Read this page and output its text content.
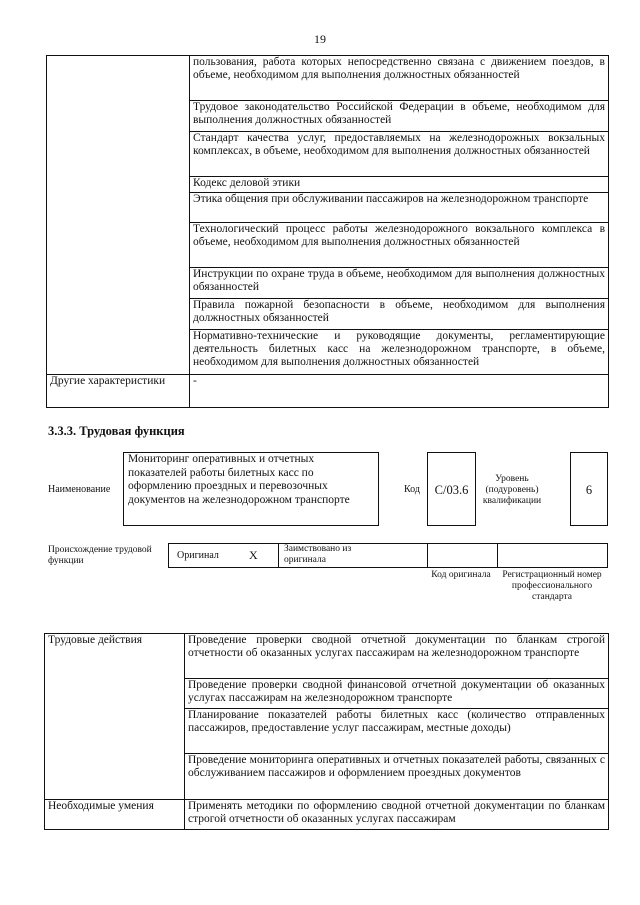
19
	пользования, работа которых непосредственно связана с движением поездов, в объеме, необходимом для выполнения должностных обязанностей
	Трудовое законодательство Российской Федерации в объеме, необходимом для выполнения должностных обязанностей
	Стандарт качества услуг, предоставляемых на железнодорожных вокзальных комплексах, в объеме, необходимом для выполнения должностных обязанностей
	Кодекс деловой этики
	Этика общения при обслуживании пассажиров на железнодорожном транспорте
	Технологический процесс работы железнодорожного вокзального комплекса в объеме, необходимом для выполнения должностных обязанностей
	Инструкции по охране труда в объеме, необходимом для выполнения должностных обязанностей
	Правила пожарной безопасности в объеме, необходимом для выполнения должностных обязанностей
	Нормативно-технические и руководящие документы, регламентирующие деятельность билетных касс на железнодорожном транспорте, в объеме, необходимом для выполнения должностных обязанностей
Другие характеристики	-
3.3.3. Трудовая функция
Наименование
Мониторинг оперативных и отчетных показателей работы билетных касс по оформлению проездных и перевозочных документов на железнодорожном транспорте
Код	C/03.6
Уровень (подуровень) квалификации
6
Происхождение трудовой функции	Оригинал	X	Заимствовано из оригинала
Код оригинала	Регистрационный номер профессионального стандарта
Трудовые действия	Проведение проверки сводной отчетной документации по бланкам строгой отчетности об оказанных услугах пассажирам на железнодорожном транспорте
	Проведение проверки сводной финансовой отчетной документации об оказанных услугах пассажирам на железнодорожном транспорте
	Планирование показателей работы билетных касс (количество отправленных пассажиров, предоставление услуг пассажирам, местные доходы)
	Проведение мониторинга оперативных и отчетных показателей работы, связанных с обслуживанием пассажиров и оформлением проездных документов
Необходимые умения	Применять методики по оформлению сводной отчетной документации по бланкам строгой отчетности об оказанных услугах пассажирам
